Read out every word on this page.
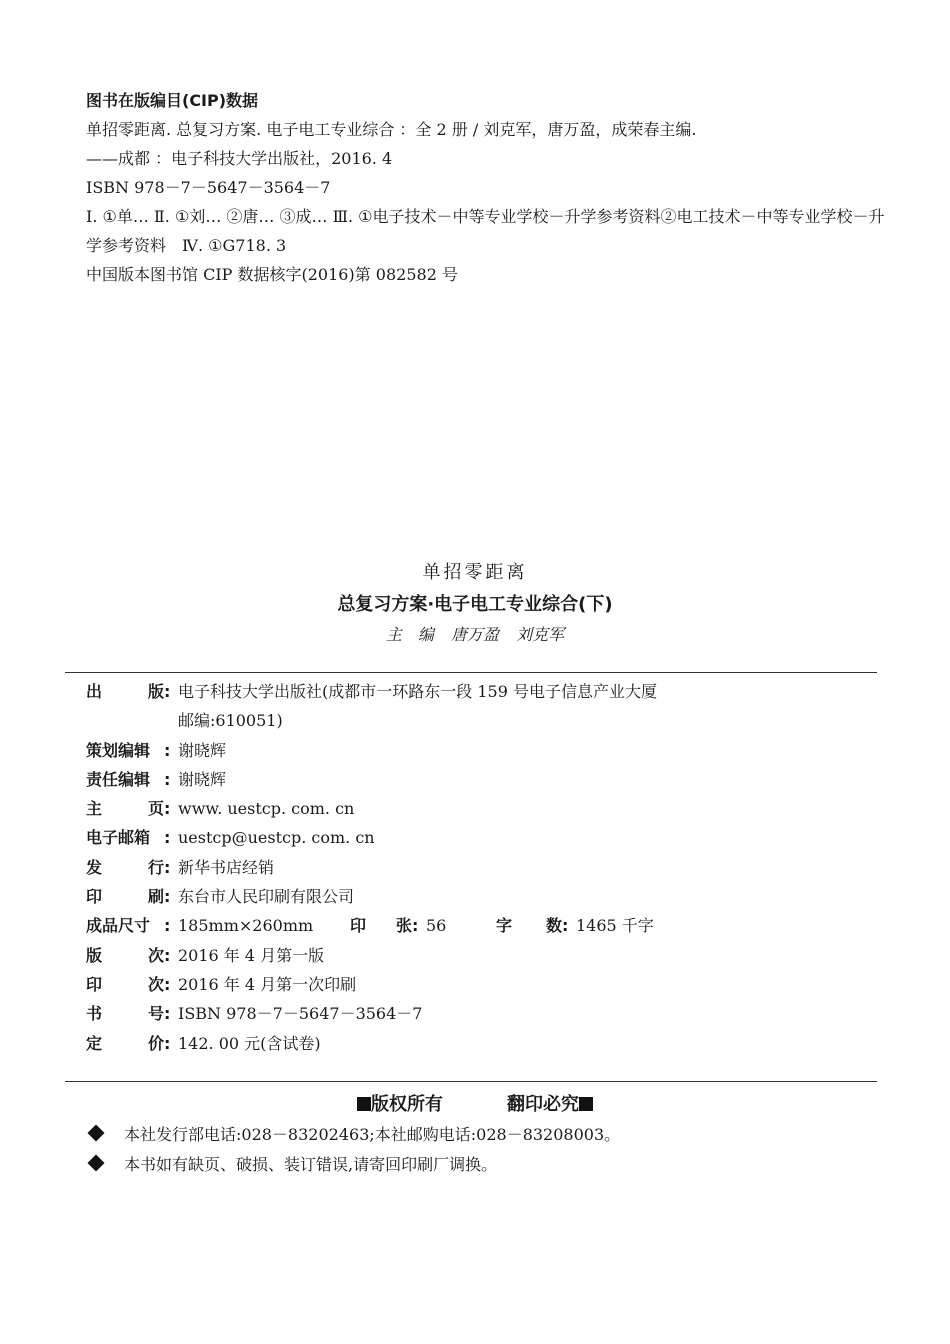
图书在版编目(CIP)数据
单招零距离. 总复习方案. 电子电工专业综合 ：全 2 册 / 刘克军，唐万盈，成荣春主编.
——成都 ：电子科技大学出版社，2016. 4
ISBN 978－7－5647－3564－7
Ⅰ. ①单… Ⅱ. ①刘… ②唐… ③成… Ⅲ. ①电子技术－中等专业学校－升学参考资料②电工技术－中等专业学校－升学参考资料　Ⅳ. ①G718. 3
中国版本图书馆 CIP 数据核字(2016)第 082582 号
单招零距离
总复习方案·电子电工专业综合(下)
主　编 唐万盈 刘克军
出	版 : 电子科技大学出版社(成都市一环路东一段 159 号电子信息产业大厦
邮编:610051)
策划编辑 : 谢晓辉
责任编辑 : 谢晓辉
主	页 : www. uestcp. com. cn
电子邮箱 : uestcp@uestcp. com. cn
发	行 : 新华书店经销
印	刷 : 东台市人民印刷有限公司
成品尺寸 : 185mm×260mm	印 张 : 56	字 数 : 1465 千字
版	次 : 2016 年 4 月第一版
印	次 : 2016 年 4 月第一次印刷
书	号 : ISBN 978－7－5647－3564－7
定	价 : 142. 00 元(含试卷)
版权所有	翻印必究
本社发行部电话:028－83202463;本社邮购电话:028－83208003。
本书如有缺页、破损、装订错误,请寄回印刷厂调换。
